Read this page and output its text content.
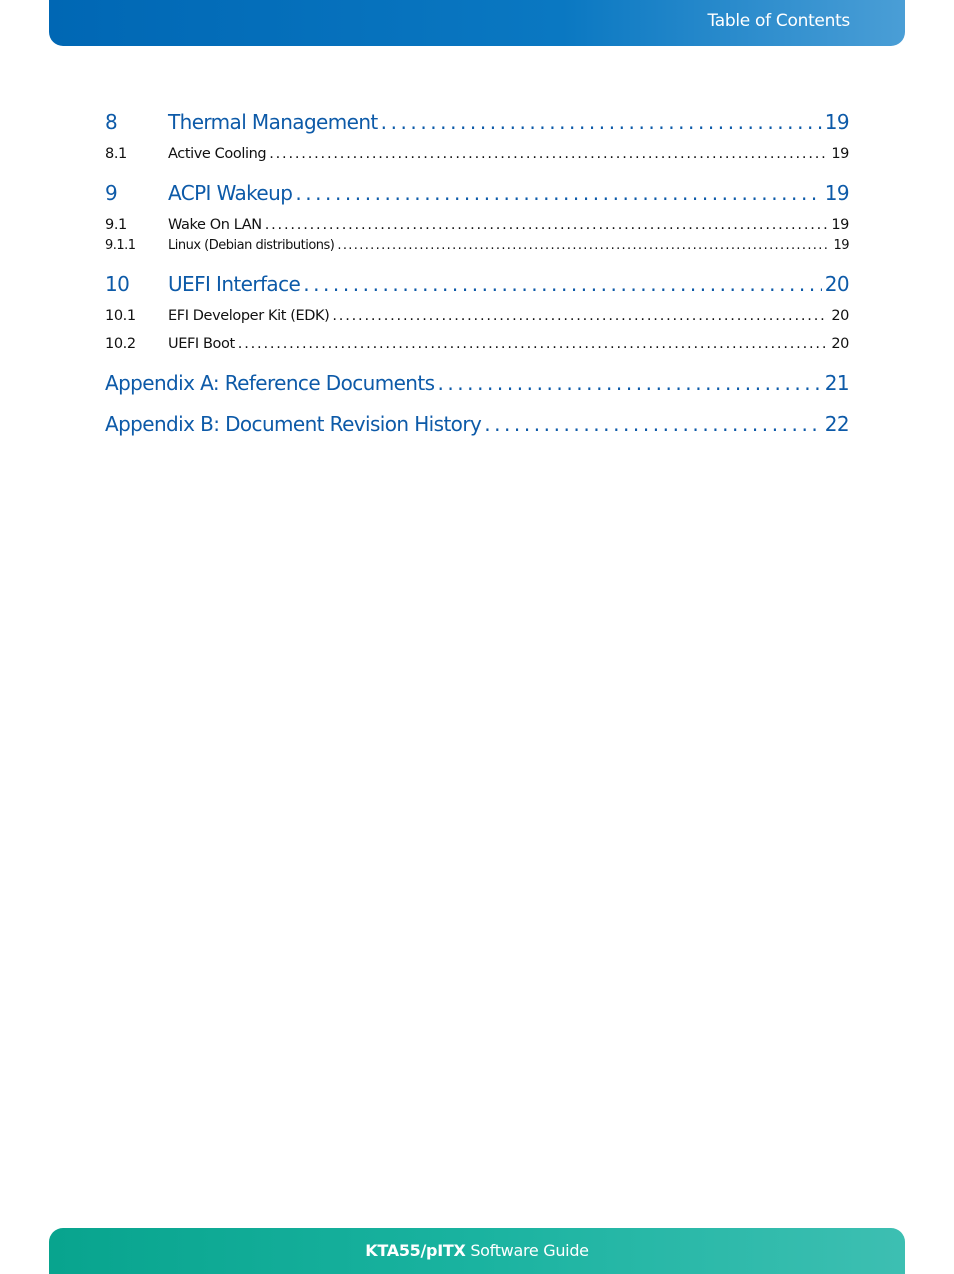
Table of Contents
8	Thermal Management . . .	19
8.1	Active Cooling . . .	19
9	ACPI Wakeup . . .	19
9.1	Wake On LAN . . .	19
9.1.1	Linux (Debian distributions) . . .	19
10	UEFI Interface . . .	20
10.1	EFI Developer Kit (EDK) . . .	20
10.2	UEFI Boot . . .	20
Appendix A: Reference Documents . . .	21
Appendix B: Document Revision History . . .	22
KTA55/pITX Software Guide
